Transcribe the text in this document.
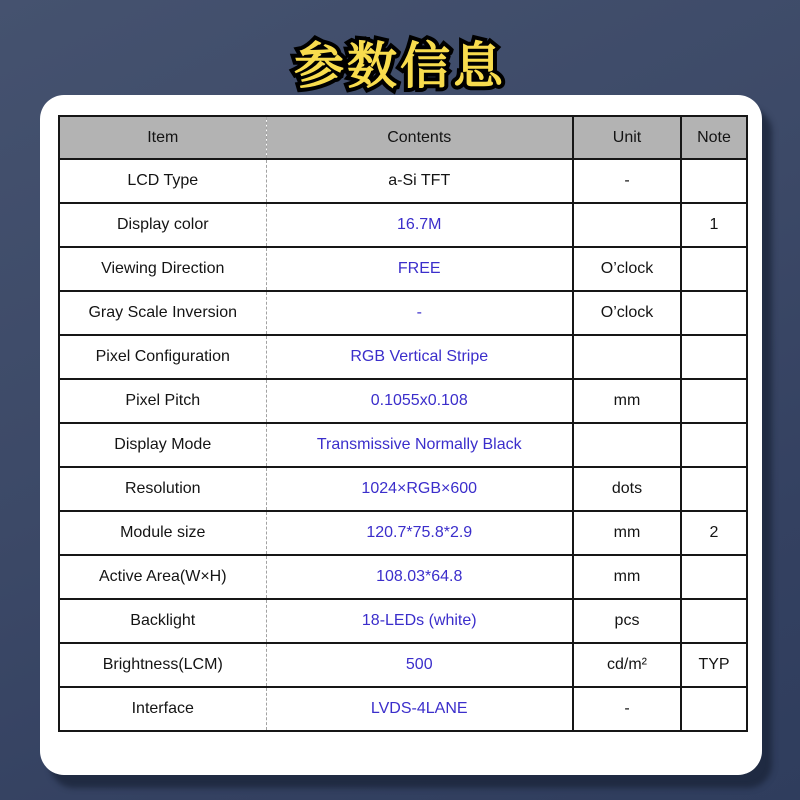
参数信息
Item	Contents	Unit	Note
LCD Type	a-Si TFT	-	
Display color	16.7M		1
Viewing Direction	FREE	O’clock	
Gray Scale Inversion	-	O’clock	
Pixel Configuration	RGB Vertical Stripe		
Pixel Pitch	0.1055x0.108	mm	
Display Mode	Transmissive Normally Black		
Resolution	1024×RGB×600	dots	
Module size	120.7*75.8*2.9	mm	2
Active Area(W×H)	108.03*64.8	mm	
Backlight	18-LEDs (white)	pcs	
Brightness(LCM)	500	cd/m²	TYP
Interface	LVDS-4LANE	-	
